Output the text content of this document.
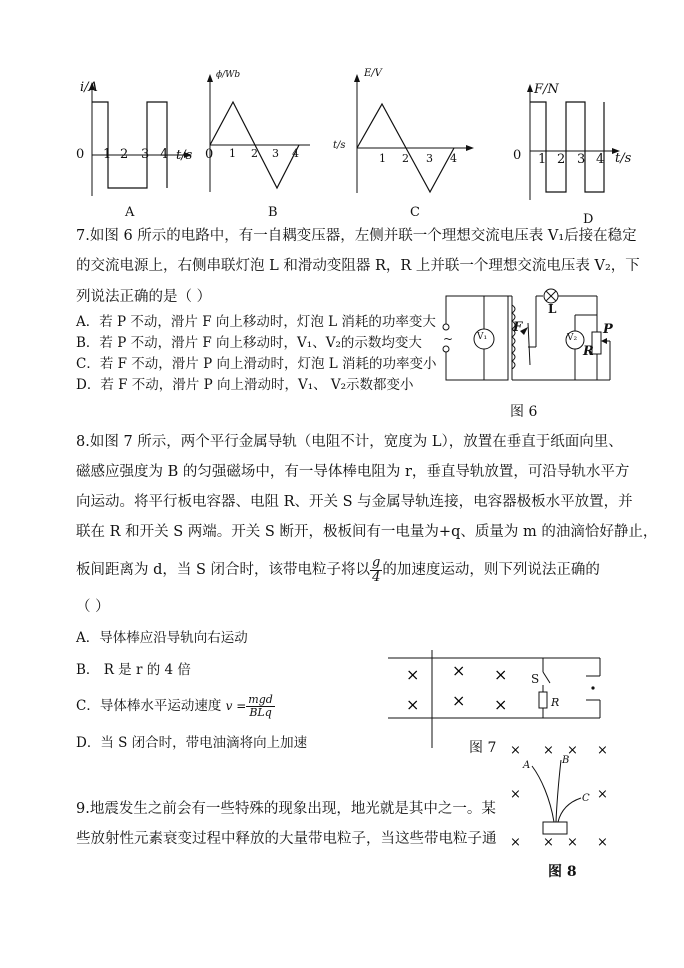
i/A
0 1 2 3 4 t/s
A
ϕ/Wb
0 1 2 3 4
B
E/V
t/s
1 2 3 4
C
F/N
0 1 2 3 4 t/s
D
7.如图 6 所示的电路中，有一自耦变压器，左侧并联一个理想交流电压表 V₁后接在稳定
的交流电源上，右侧串联灯泡 L 和滑动变阻器 R，R 上并联一个理想交流电压表 V₂，下
列说法正确的是（ ）
A．若 P 不动，滑片 F 向上移动时，灯泡 L 消耗的功率变大
B．若 P 不动，滑片 F 向上移动时，V₁、V₂的示数均变大
C．若 F 不动，滑片 P 向上滑动时，灯泡 L 消耗的功率变小
D．若 F 不动，滑片 P 向上滑动时，V₁、 V₂示数都变小
~	V₁	V₂
L
F	P
R
图 6
8.如图 7 所示，两个平行金属导轨（电阻不计，宽度为 L），放置在垂直于纸面向里、
磁感应强度为 B 的匀强磁场中，有一导体棒电阻为 r，垂直导轨放置，可沿导轨水平方
向运动。将平行板电容器、电阻 R、开关 S 与金属导轨连接，电容器极板水平放置，并
联在 R 和开关 S 两端。开关 S 断开，极板间有一电量为+q、质量为 m 的油滴恰好静止，
板间距离为 d，当 S 闭合时，该带电粒子将以 $\frac{g}{4}$ 的加速度运动，则下列说法正确的
（ ）
A．导体棒应沿导轨向右运动
B． R 是 r 的 4 倍
C．导体棒水平运动速度 $v = \frac{\text{mgd}}{\text{BLq}}$
D．当 S 闭合时，带电油滴将向上加速
×
×
×
×
×
×
S
R
图 7
9.地震发生之前会有一些特殊的现象出现，地光就是其中之一。某
些放射性元素衰变过程中释放的大量带电粒子，当这些带电粒子通
× × × ×
×	×
× × × ×
A	B
C
图 8
